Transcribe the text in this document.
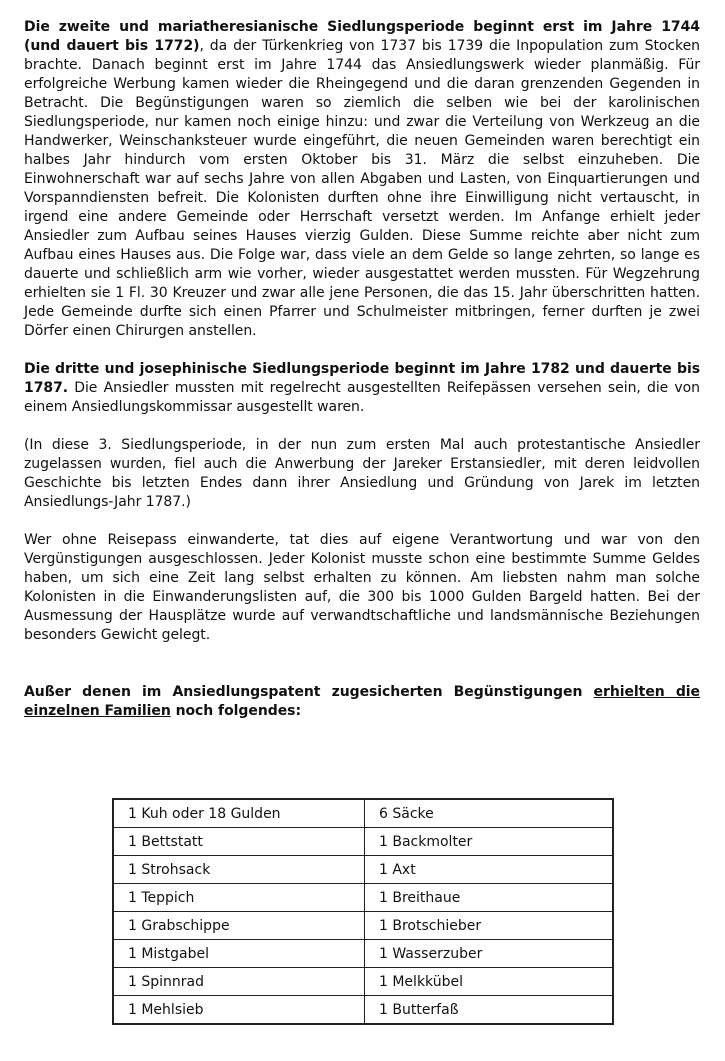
Die zweite und mariatheresianische Siedlungsperiode beginnt erst im Jahre 1744 (und dauert bis 1772), da der Türkenkrieg von 1737 bis 1739 die Inpopulation zum Stocken brachte. Danach beginnt erst im Jahre 1744 das Ansiedlungswerk wieder planmäßig. Für erfolgreiche Werbung kamen wieder die Rheingegend und die daran grenzenden Gegenden in Betracht. Die Begünstigungen waren so ziemlich die selben wie bei der karolinischen Siedlungsperiode, nur kamen noch einige hinzu: und zwar die Verteilung von Werkzeug an die Handwerker, Weinschanksteuer wurde eingeführt, die neuen Gemeinden waren berechtigt ein halbes Jahr hindurch vom ersten Oktober bis 31. März die selbst einzuheben. Die Einwohnerschaft war auf sechs Jahre von allen Abgaben und Lasten, von Einquartierungen und Vorspanndiensten befreit. Die Kolonisten durften ohne ihre Einwilligung nicht vertauscht, in irgend eine andere Gemeinde oder Herrschaft versetzt werden. Im Anfange erhielt jeder Ansiedler zum Aufbau seines Hauses vierzig Gulden. Diese Summe reichte aber nicht zum Aufbau eines Hauses aus. Die Folge war, dass viele an dem Gelde so lange zehrten, so lange es dauerte und schließlich arm wie vorher, wieder ausgestattet werden mussten. Für Wegzehrung erhielten sie 1 Fl. 30 Kreuzer und zwar alle jene Personen, die das 15. Jahr überschritten hatten. Jede Gemeinde durfte sich einen Pfarrer und Schulmeister mitbringen, ferner durften je zwei Dörfer einen Chirurgen anstellen.

Die dritte und josephinische Siedlungsperiode beginnt im Jahre 1782 und dauerte bis 1787. Die Ansiedler mussten mit regelrecht ausgestellten Reifepässen versehen sein, die von einem Ansiedlungskommissar ausgestellt waren.

(In diese 3. Siedlungsperiode, in der nun zum ersten Mal auch protestantische Ansiedler zugelassen wurden, fiel auch die Anwerbung der Jareker Erstansiedler, mit deren leidvollen Geschichte bis letzten Endes dann ihrer Ansiedlung und Gründung von Jarek im letzten Ansiedlungs-Jahr 1787.)

Wer ohne Reisepass einwanderte, tat dies auf eigene Verantwortung und war von den Vergünstigungen ausgeschlossen. Jeder Kolonist musste schon eine bestimmte Summe Geldes haben, um sich eine Zeit lang selbst erhalten zu können. Am liebsten nahm man solche Kolonisten in die Einwanderungslisten auf, die 300 bis 1000 Gulden Bargeld hatten. Bei der Ausmessung der Hausplätze wurde auf verwandtschaftliche und landsmännische Beziehungen besonders Gewicht gelegt.

Außer denen im Ansiedlungspatent zugesicherten Begünstigungen erhielten die einzelnen Familien noch folgendes:

1 Kuh oder 18 Gulden	6 Säcke
1 Bettstatt	1 Backmolter
1 Strohsack	1 Axt
1 Teppich	1 Breithaue
1 Grabschippe	1 Brotschieber
1 Mistgabel	1 Wasserzuber
1 Spinnrad	1 Melkkübel
1 Mehlsieb	1 Butterfaß
